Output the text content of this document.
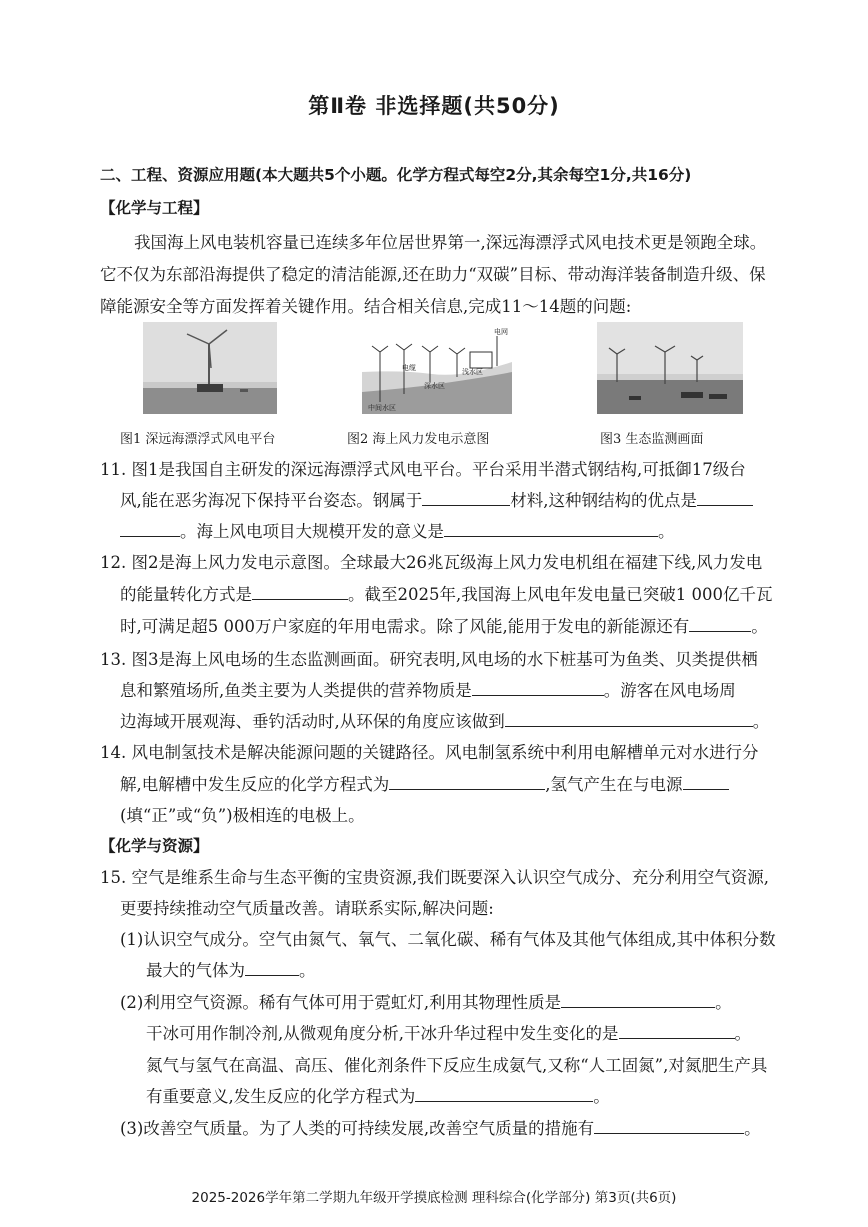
第Ⅱ卷 非选择题(共50分)
二、工程、资源应用题(本大题共5个小题。化学方程式每空2分,其余每空1分,共16分)
【化学与工程】
我国海上风电装机容量已连续多年位居世界第一,深远海漂浮式风电技术更是领跑全球。
它不仅为东部沿海提供了稳定的清洁能源,还在助力“双碳”目标、带动海洋装备制造升级、保
障能源安全等方面发挥着关键作用。结合相关信息,完成11～14题的问题:
电网
电缆	浅水区
中间水区
深水区
图1 深远海漂浮式风电平台	图2 海上风力发电示意图	图3 生态监测画面
11. 图1是我国自主研发的深远海漂浮式风电平台。平台采用半潜式钢结构,可抵御17级台
风,能在恶劣海况下保持平台姿态。钢属于	材料,这种钢结构的优点是
。海上风电项目大规模开发的意义是	。
12. 图2是海上风力发电示意图。全球最大26兆瓦级海上风力发电机组在福建下线,风力发电
的能量转化方式是	。截至2025年,我国海上风电年发电量已突破1 000亿千瓦
时,可满足超5 000万户家庭的年用电需求。除了风能,能用于发电的新能源还有	。
13. 图3是海上风电场的生态监测画面。研究表明,风电场的水下桩基可为鱼类、贝类提供栖
息和繁殖场所,鱼类主要为人类提供的营养物质是	。游客在风电场周
边海域开展观海、垂钓活动时,从环保的角度应该做到	。
14. 风电制氢技术是解决能源问题的关键路径。风电制氢系统中利用电解槽单元对水进行分
解,电解槽中发生反应的化学方程式为	,氢气产生在与电源
(填“正”或“负”)极相连的电极上。
【化学与资源】
15. 空气是维系生命与生态平衡的宝贵资源,我们既要深入认识空气成分、充分利用空气资源,
更要持续推动空气质量改善。请联系实际,解决问题:
(1)认识空气成分。空气由氮气、氧气、二氧化碳、稀有气体及其他气体组成,其中体积分数
最大的气体为	。
(2)利用空气资源。稀有气体可用于霓虹灯,利用其物理性质是	。
干冰可用作制冷剂,从微观角度分析,干冰升华过程中发生变化的是	。
氮气与氢气在高温、高压、催化剂条件下反应生成氨气,又称“人工固氮”,对氮肥生产具
有重要意义,发生反应的化学方程式为	。
(3)改善空气质量。为了人类的可持续发展,改善空气质量的措施有	。
2025-2026学年第二学期九年级开学摸底检测 理科综合(化学部分) 第3页(共6页)
